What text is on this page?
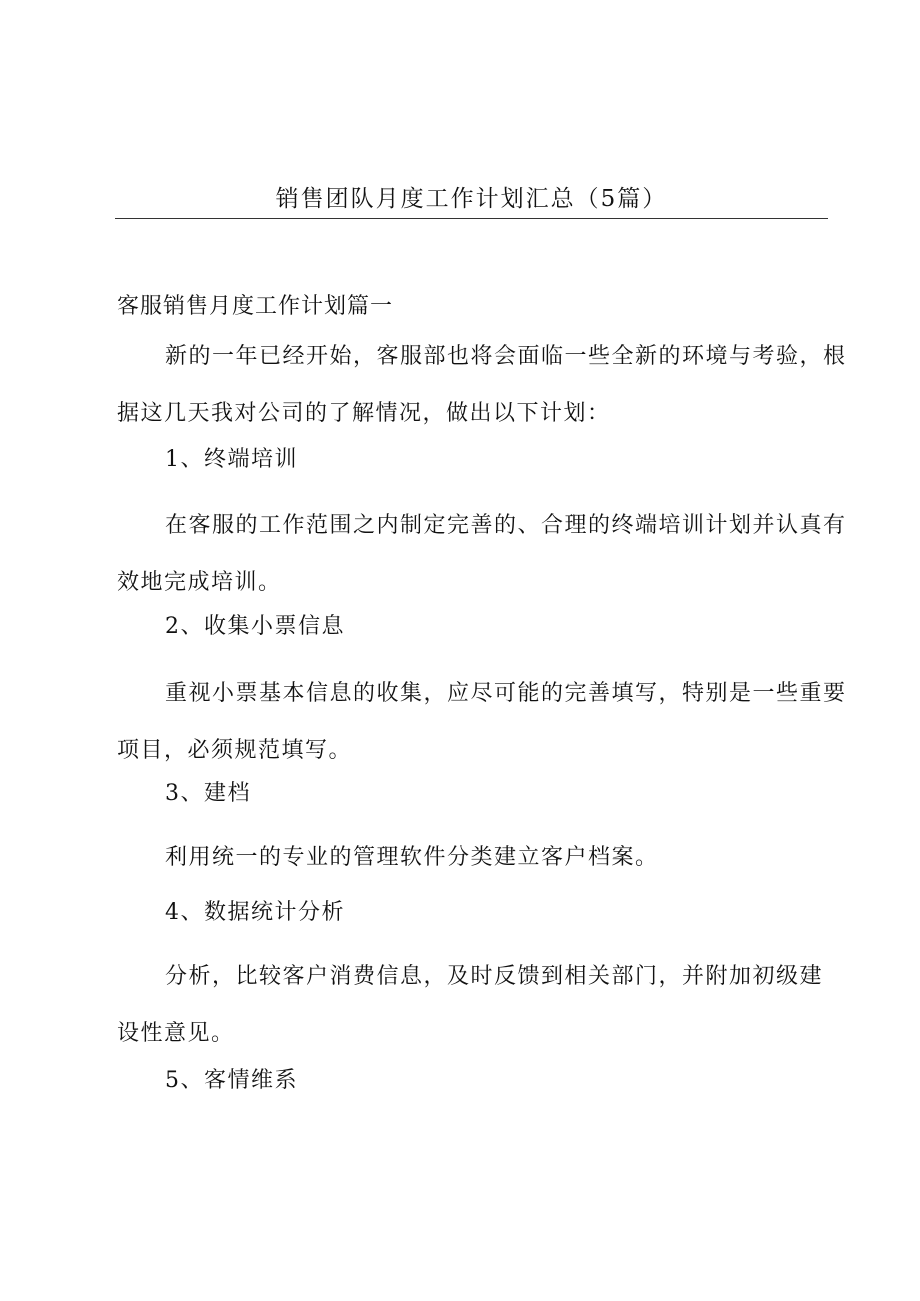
销售团队月度工作计划汇总（5篇）
客服销售月度工作计划篇一
新的一年已经开始，客服部也将会面临一些全新的环境与考验，根
据这几天我对公司的了解情况，做出以下计划：
1、终端培训
在客服的工作范围之内制定完善的、合理的终端培训计划并认真有
效地完成培训。
2、收集小票信息
重视小票基本信息的收集，应尽可能的完善填写，特别是一些重要
项目，必须规范填写。
3、建档
利用统一的专业的管理软件分类建立客户档案。
4、数据统计分析
分析，比较客户消费信息，及时反馈到相关部门，并附加初级建
设性意见。
5、客情维系
